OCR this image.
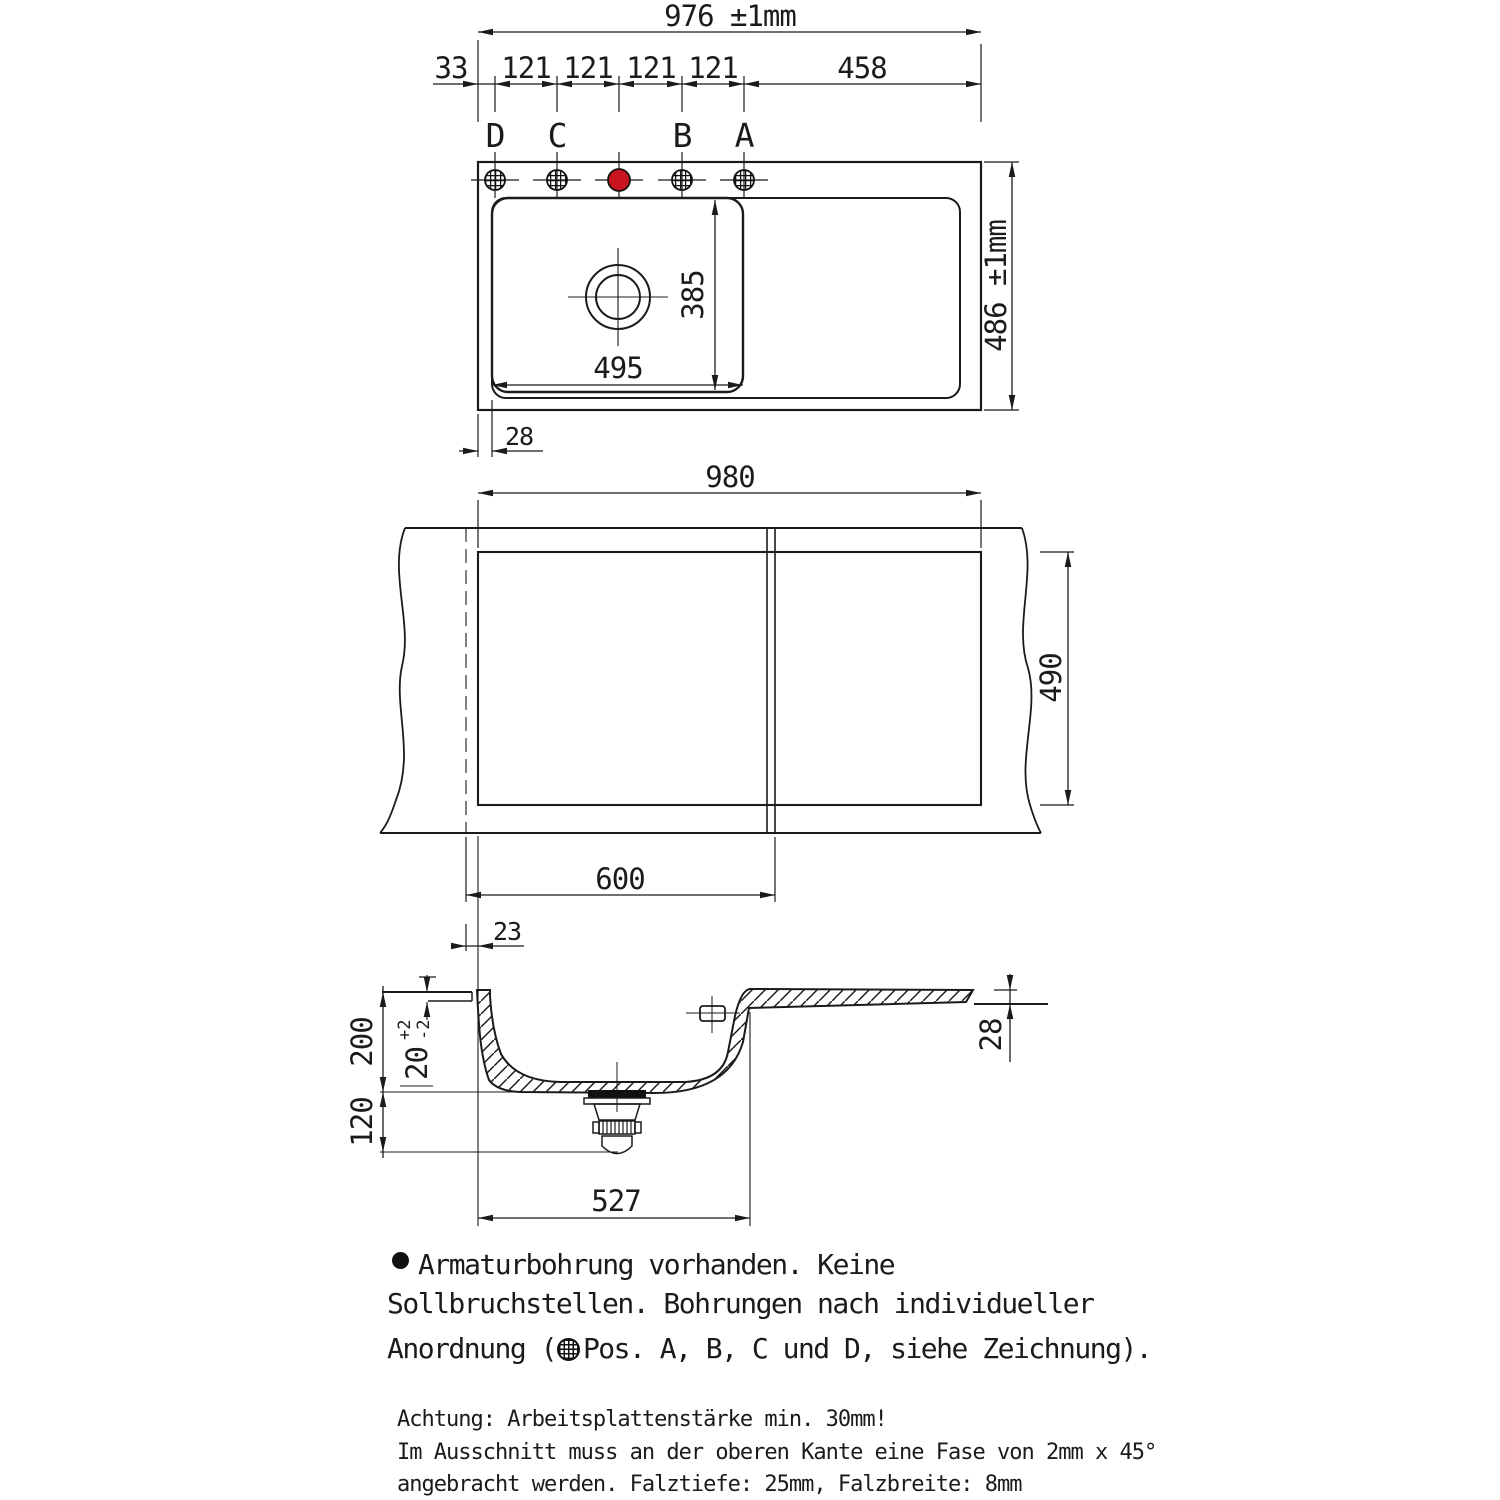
976 ±1mm
33 121 121 121 121	458
D C	B A
385
495
486 ±1mm
28
980
490
600
23
200
120
20
+2 -2	28
527
Armaturbohrung vorhanden. Keine
Sollbruchstellen. Bohrungen nach individueller
Anordnung ( Pos. A, B, C und D, siehe Zeichnung).
Achtung: Arbeitsplattenstärke min. 30mm!
Im Ausschnitt muss an der oberen Kante eine Fase von 2mm x 45°
angebracht werden. Falztiefe: 25mm, Falzbreite: 8mm
